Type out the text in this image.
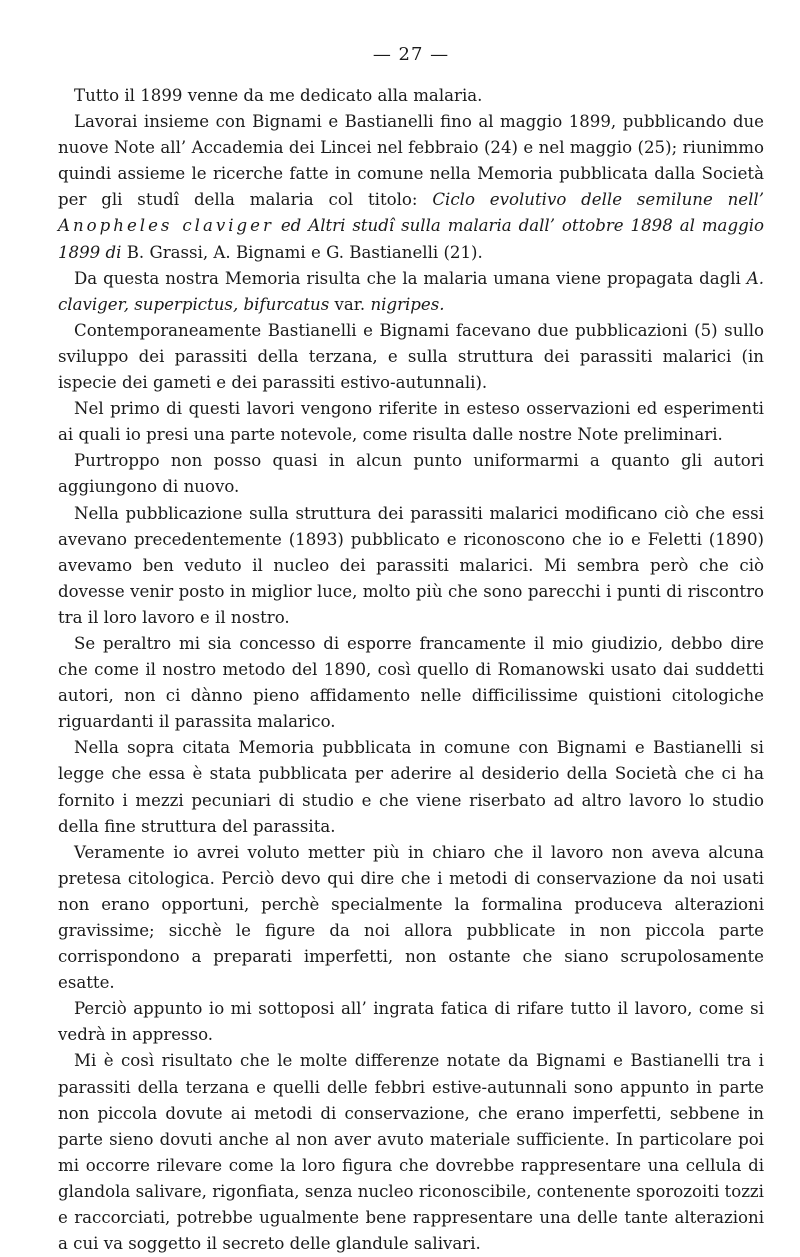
— 27 —

Tutto il 1899 venne da me dedicato alla malaria.

Lavorai insieme con Bignami e Bastianelli fino al maggio 1899, pubblicando due nuove Note all’ Accademia dei Lincei nel febbraio (24) e nel maggio (25); riunimmo quindi assieme le ricerche fatte in comune nella Memoria pubblicata dalla Società per gli studî della malaria col titolo: Ciclo evolutivo delle semilune nell’ Anopheles claviger ed Altri studî sulla malaria dall’ ottobre 1898 al maggio 1899 di B. Grassi, A. Bignami e G. Bastianelli (21).

Da questa nostra Memoria risulta che la malaria umana viene propagata dagli A. claviger, superpictus, bifurcatus var. nigripes.

Contemporaneamente Bastianelli e Bignami facevano due pubblicazioni (5) sullo sviluppo dei parassiti della terzana, e sulla struttura dei parassiti malarici (in ispecie dei gameti e dei parassiti estivo-autunnali).

Nel primo di questi lavori vengono riferite in esteso osservazioni ed esperimenti ai quali io presi una parte notevole, come risulta dalle nostre Note preliminari.

Purtroppo non posso quasi in alcun punto uniformarmi a quanto gli autori aggiungono di nuovo.

Nella pubblicazione sulla struttura dei parassiti malarici modificano ciò che essi avevano precedentemente (1893) pubblicato e riconoscono che io e Feletti (1890) avevamo ben veduto il nucleo dei parassiti malarici. Mi sembra però che ciò dovesse venir posto in miglior luce, molto più che sono parecchi i punti di riscontro tra il loro lavoro e il nostro.

Se peraltro mi sia concesso di esporre francamente il mio giudizio, debbo dire che come il nostro metodo del 1890, così quello di Romanowski usato dai suddetti autori, non ci dànno pieno affidamento nelle difficilissime quistioni citologiche riguardanti il parassita malarico.

Nella sopra citata Memoria pubblicata in comune con Bignami e Bastianelli si legge che essa è stata pubblicata per aderire al desiderio della Società che ci ha fornito i mezzi pecuniari di studio e che viene riserbato ad altro lavoro lo studio della fine struttura del parassita.

Veramente io avrei voluto metter più in chiaro che il lavoro non aveva alcuna pretesa citologica. Perciò devo qui dire che i metodi di conservazione da noi usati non erano opportuni, perchè specialmente la formalina produceva alterazioni gravissime; sicchè le figure da noi allora pubblicate in non piccola parte corrispondono a preparati imperfetti, non ostante che siano scrupolosamente esatte.

Perciò appunto io mi sottoposi all’ ingrata fatica di rifare tutto il lavoro, come si vedrà in appresso.

Mi è così risultato che le molte differenze notate da Bignami e Bastianelli tra i parassiti della terzana e quelli delle febbri estive-autunnali sono appunto in parte non piccola dovute ai metodi di conservazione, che erano imperfetti, sebbene in parte sieno dovuti anche al non aver avuto materiale sufficiente. In particolare poi mi occorre rilevare come la loro figura che dovrebbe rappresentare una cellula di glandola salivare, rigonfiata, senza nucleo riconoscibile, contenente sporozoiti tozzi e raccorciati, potrebbe ugualmente bene rappresentare una delle tante alterazioni a cui va soggetto il secreto delle glandule salivari.
